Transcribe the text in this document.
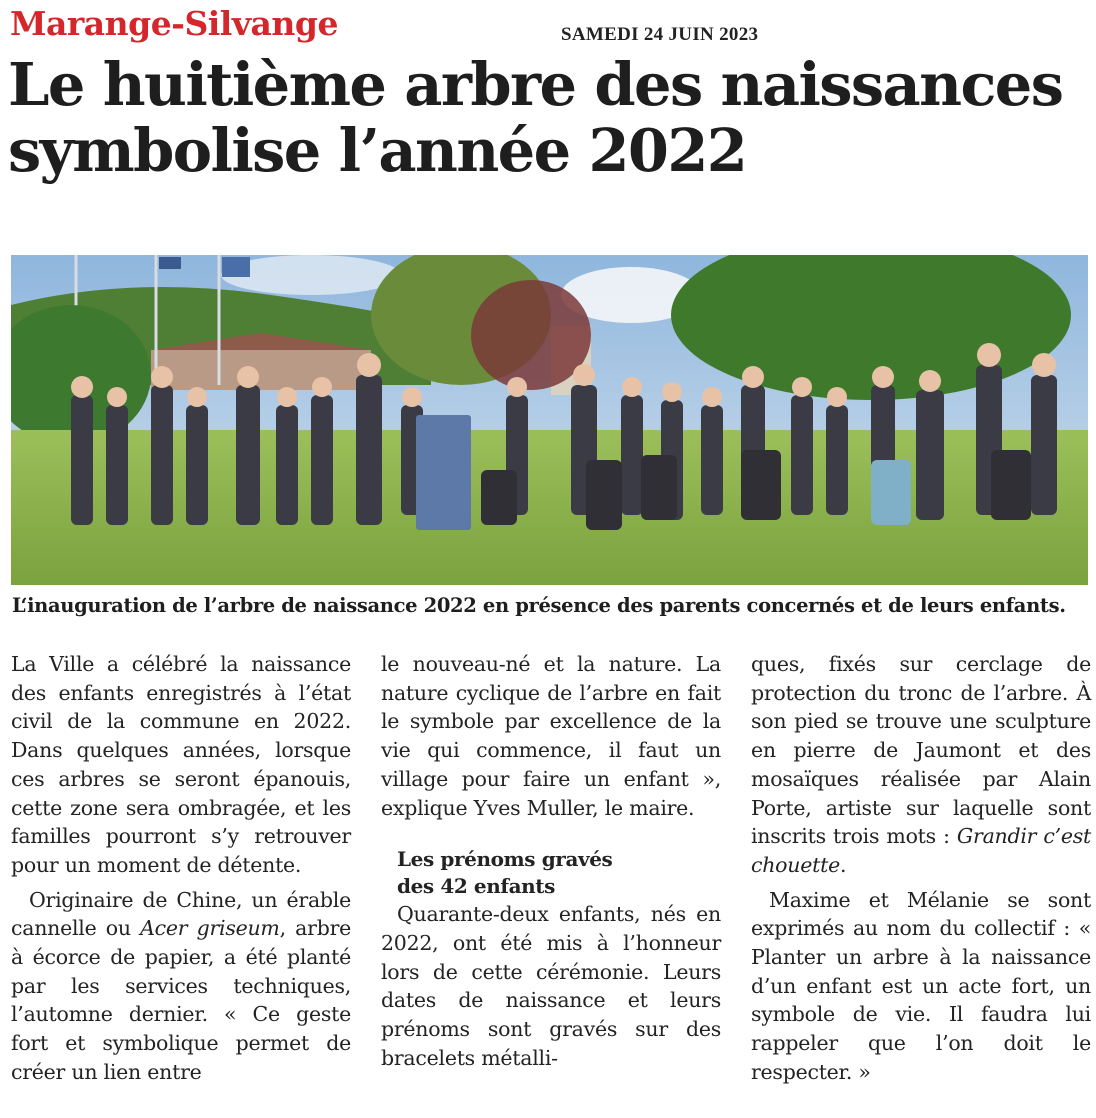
Marange-Silvange	SAMEDI 24 JUIN 2023
Le huitième arbre des naissances symbolise l’année 2022
L‘inauguration de l’arbre de naissance 2022 en présence des parents concernés et de leurs enfants.

La Ville a célébré la naissance des enfants enregistrés à l’état civil de la commune en 2022. Dans quelques années, lorsque ces arbres se seront épanouis, cette zone sera ombragée, et les familles pourront s’y retrouver pour un moment de détente.

Originaire de Chine, un érable cannelle ou Acer griseum, arbre à écorce de papier, a été planté par les services techniques, l’automne dernier. « Ce geste fort et symbolique permet de créer un lien entre

le nouveau-né et la nature. La nature cyclique de l’arbre en fait le symbole par excellence de la vie qui commence, il faut un village pour faire un enfant », explique Yves Muller, le maire.

Les prénoms gravés
des 42 enfants

Quarante-deux enfants, nés en 2022, ont été mis à l’honneur lors de cette cérémonie. Leurs dates de naissance et leurs prénoms sont gravés sur des bracelets métalli-

ques, fixés sur cerclage de protection du tronc de l’arbre. À son pied se trouve une sculpture en pierre de Jaumont et des mosaïques réalisée par Alain Porte, artiste sur laquelle sont inscrits trois mots : Grandir c’est chouette.

Maxime et Mélanie se sont exprimés au nom du collectif : « Planter un arbre à la naissance d’un enfant est un acte fort, un symbole de vie. Il faudra lui rappeler que l’on doit le respecter. »
